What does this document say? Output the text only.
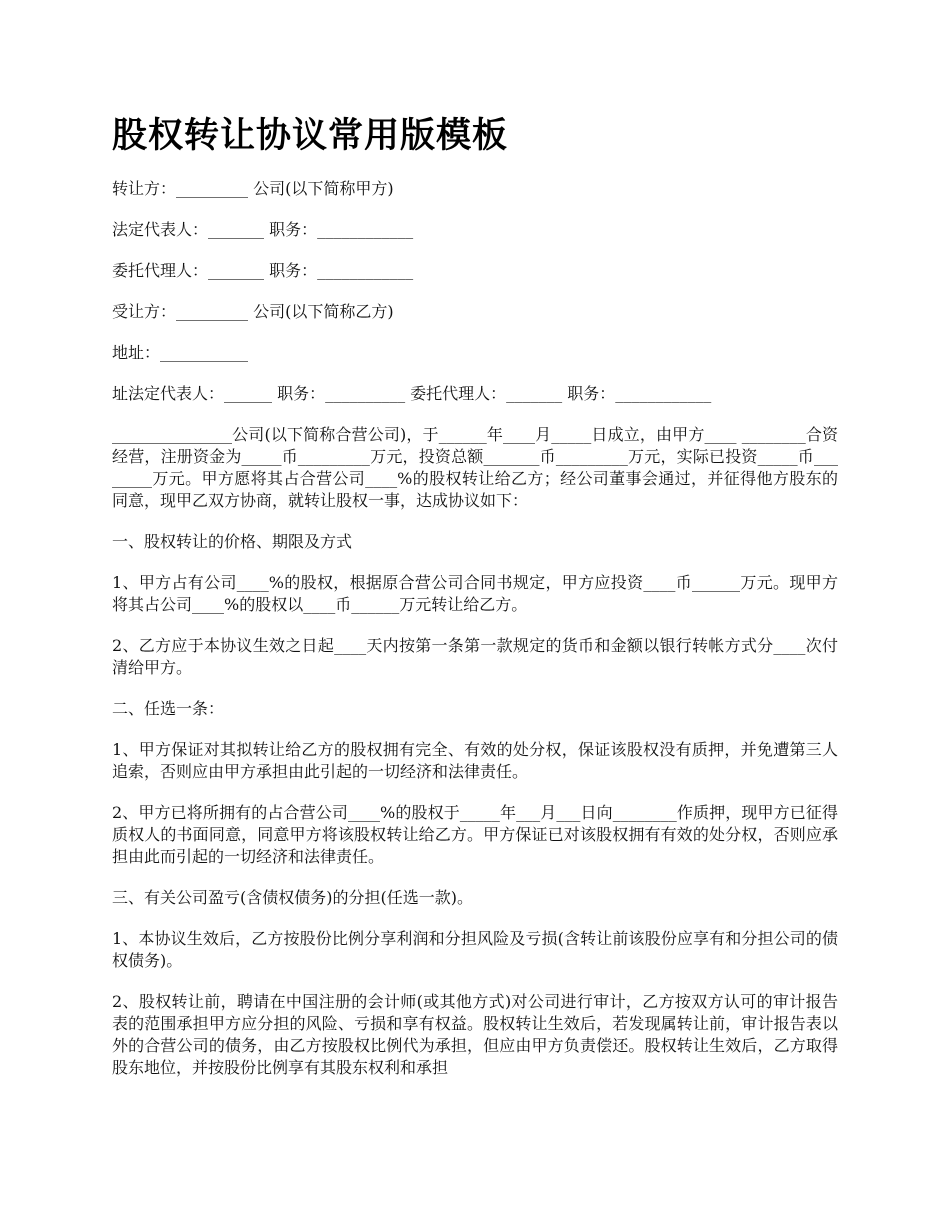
股权转让协议常用版模板

转让方：_________ 公司(以下简称甲方)

法定代表人：_______ 职务：____________

委托代理人：_______ 职务：____________

受让方：_________ 公司(以下简称乙方)

地址：___________

址法定代表人：______ 职务：__________ 委托代理人：_______ 职务：____________

_______________公司(以下简称合营公司)，于______年____月_____日成立，由甲方____ ________合资经营，注册资金为_____币_________万元，投资总额_______币_________万元，实际已投资_____币________万元。甲方愿将其占合营公司____%的股权转让给乙方；经公司董事会通过，并征得他方股东的同意，现甲乙双方协商，就转让股权一事，达成协议如下：

一、股权转让的价格、期限及方式

1、甲方占有公司____%的股权，根据原合营公司合同书规定，甲方应投资____币______万元。现甲方将其占公司____%的股权以____币______万元转让给乙方。

2、乙方应于本协议生效之日起____天内按第一条第一款规定的货币和金额以银行转帐方式分____次付清给甲方。

二、任选一条：

1、甲方保证对其拟转让给乙方的股权拥有完全、有效的处分权，保证该股权没有质押，并免遭第三人追索，否则应由甲方承担由此引起的一切经济和法律责任。

2、甲方已将所拥有的占合营公司____%的股权于_____年___月___日向________作质押，现甲方已征得质权人的书面同意，同意甲方将该股权转让给乙方。甲方保证已对该股权拥有有效的处分权，否则应承担由此而引起的一切经济和法律责任。

三、有关公司盈亏(含债权债务)的分担(任选一款)。

1、本协议生效后，乙方按股份比例分享利润和分担风险及亏损(含转让前该股份应享有和分担公司的债权债务)。

2、股权转让前，聘请在中国注册的会计师(或其他方式)对公司进行审计，乙方按双方认可的审计报告表的范围承担甲方应分担的风险、亏损和享有权益。股权转让生效后，若发现属转让前，审计报告表以外的合营公司的债务，由乙方按股权比例代为承担，但应由甲方负责偿还。股权转让生效后，乙方取得股东地位，并按股份比例享有其股东权利和承担
